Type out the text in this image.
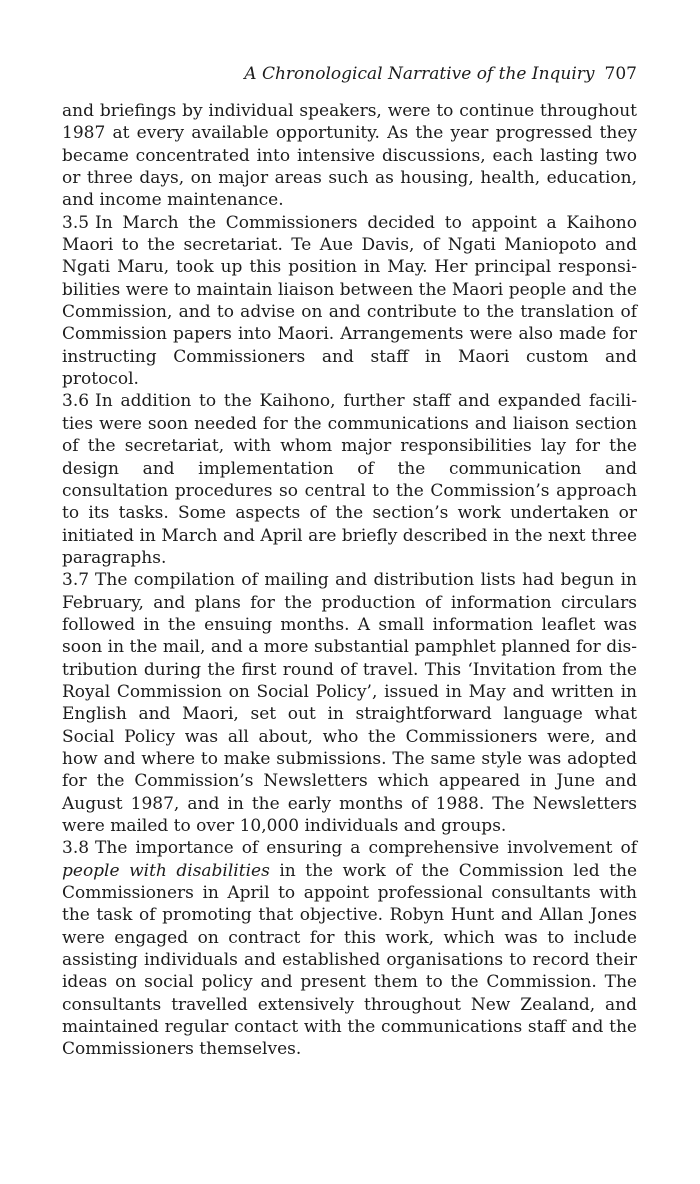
A Chronological Narrative of the Inquiry 707

and briefings by individual speakers, were to continue throughout 1987 at every available opportunity. As the year progressed they became concentrated into intensive discussions, each lasting two or three days, on major areas such as housing, health, education, and income maintenance.

3.5 In March the Commissioners decided to appoint a Kaihono Maori to the secretariat. Te Aue Davis, of Ngati Maniopoto and Ngati Maru, took up this position in May. Her principal responsibilities were to maintain liaison between the Maori people and the Commission, and to advise on and contribute to the translation of Commission papers into Maori. Arrangements were also made for instructing Commissioners and staff in Maori custom and protocol.

3.6 In addition to the Kaihono, further staff and expanded facilities were soon needed for the communications and liaison section of the secretariat, with whom major responsibilities lay for the design and implementation of the communication and consultation procedures so central to the Commission’s approach to its tasks. Some aspects of the section’s work undertaken or initiated in March and April are briefly described in the next three paragraphs.

3.7 The compilation of mailing and distribution lists had begun in February, and plans for the production of information circulars followed in the ensuing months. A small information leaflet was soon in the mail, and a more substantial pamphlet planned for distribution during the first round of travel. This ‘Invitation from the Royal Commission on Social Policy’, issued in May and written in English and Maori, set out in straightforward language what Social Policy was all about, who the Commissioners were, and how and where to make submissions. The same style was adopted for the Commission’s Newsletters which appeared in June and August 1987, and in the early months of 1988. The Newsletters were mailed to over 10,000 individuals and groups.

3.8 The importance of ensuring a comprehensive involvement of people with disabilities in the work of the Commission led the Commissioners in April to appoint professional consultants with the task of promoting that objective. Robyn Hunt and Allan Jones were engaged on contract for this work, which was to include assisting individuals and established organisations to record their ideas on social policy and present them to the Commission. The consultants travelled extensively throughout New Zealand, and maintained regular contact with the communications staff and the Commissioners themselves.
